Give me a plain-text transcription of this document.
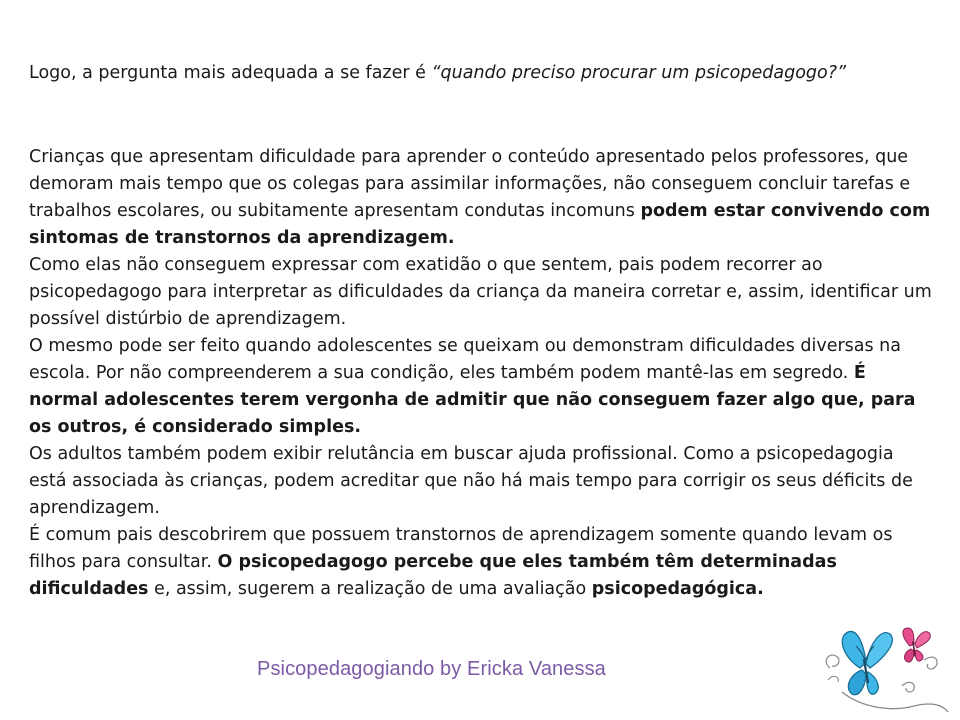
Logo, a pergunta mais adequada a se fazer é “quando preciso procurar um psicopedagogo?”

Crianças que apresentam dificuldade para aprender o conteúdo apresentado pelos professores, que demoram mais tempo que os colegas para assimilar informações, não conseguem concluir tarefas e trabalhos escolares, ou subitamente apresentam condutas incomuns podem estar convivendo com sintomas de transtornos da aprendizagem.

Como elas não conseguem expressar com exatidão o que sentem, pais podem recorrer ao psicopedagogo para interpretar as dificuldades da criança da maneira corretar e, assim, identificar um possível distúrbio de aprendizagem.

O mesmo pode ser feito quando adolescentes se queixam ou demonstram dificuldades diversas na escola. Por não compreenderem a sua condição, eles também podem mantê-las em segredo. É normal adolescentes terem vergonha de admitir que não conseguem fazer algo que, para os outros, é considerado simples.

Os adultos também podem exibir relutância em buscar ajuda profissional. Como a psicopedagogia está associada às crianças, podem acreditar que não há mais tempo para corrigir os seus déficits de aprendizagem.

É comum pais descobrirem que possuem transtornos de aprendizagem somente quando levam os filhos para consultar. O psicopedagogo percebe que eles também têm determinadas dificuldades e, assim, sugerem a realização de uma avaliação psicopedagógica.

Psicopedagogiando by Ericka Vanessa
